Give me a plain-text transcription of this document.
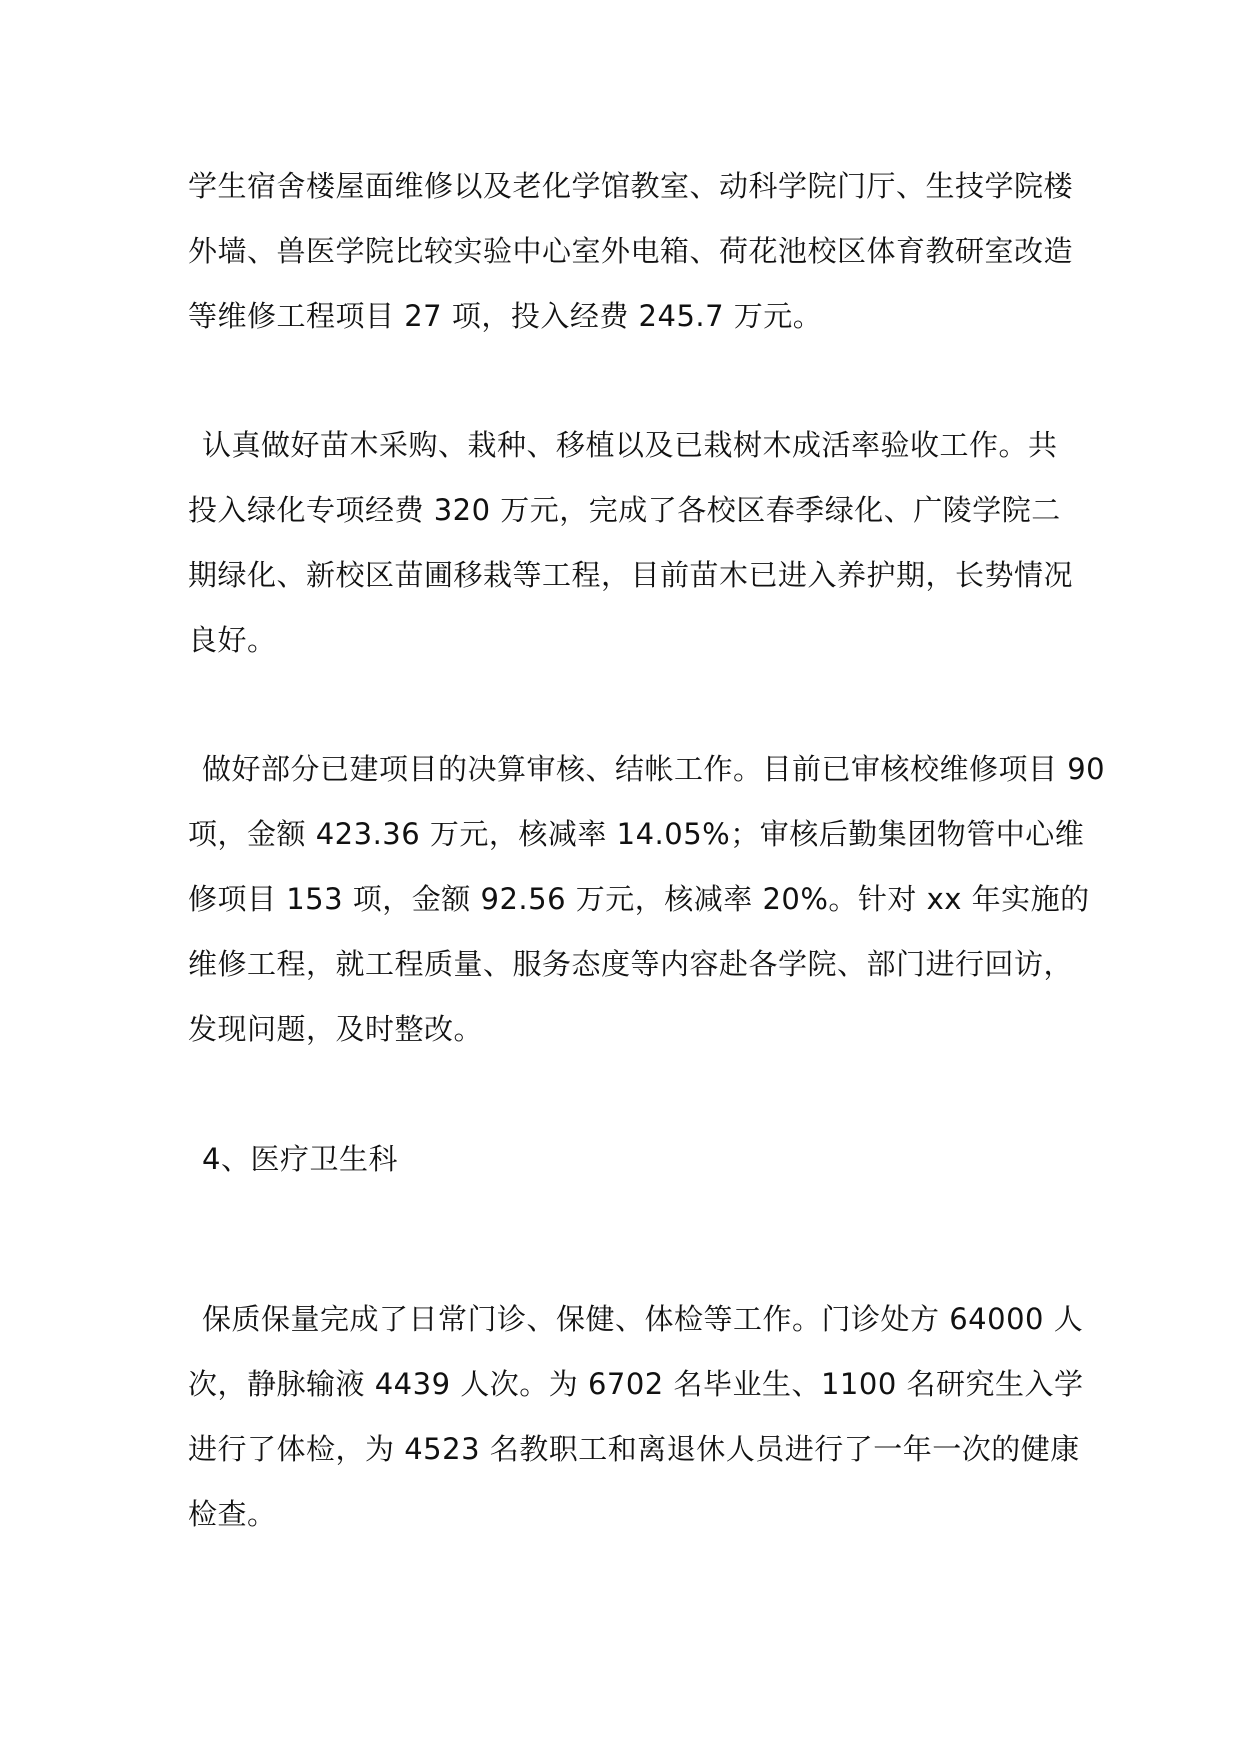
学生宿舍楼屋面维修以及老化学馆教室、动科学院门厅、生技学院楼
外墙、兽医学院比较实验中心室外电箱、荷花池校区体育教研室改造
等维修工程项目 27 项，投入经费 245.7 万元。
认真做好苗木采购、栽种、移植以及已栽树木成活率验收工作。共
投入绿化专项经费 320 万元，完成了各校区春季绿化、广陵学院二
期绿化、新校区苗圃移栽等工程，目前苗木已进入养护期，长势情况
良好。
做好部分已建项目的决算审核、结帐工作。目前已审核校维修项目 90
项，金额 423.36 万元，核减率 14.05%；审核后勤集团物管中心维
修项目 153 项，金额 92.56 万元，核减率 20%。针对 xx 年实施的
维修工程，就工程质量、服务态度等内容赴各学院、部门进行回访，
发现问题，及时整改。
4、医疗卫生科
保质保量完成了日常门诊、保健、体检等工作。门诊处方 64000 人
次，静脉输液 4439 人次。为 6702 名毕业生、1100 名研究生入学
进行了体检，为 4523 名教职工和离退休人员进行了一年一次的健康
检查。
